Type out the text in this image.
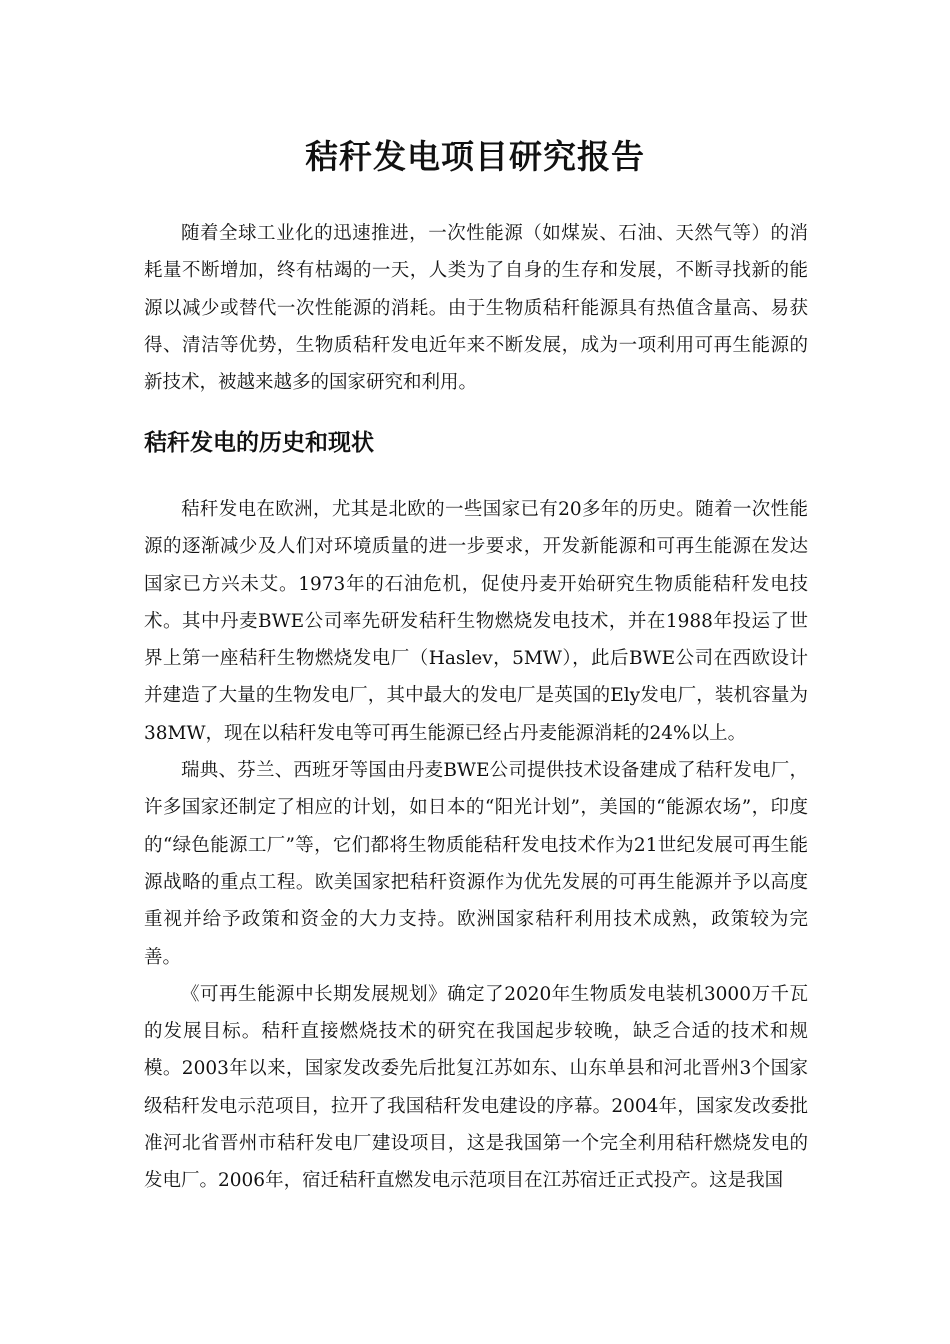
秸秆发电项目研究报告

随着全球工业化的迅速推进，一次性能源（如煤炭、石油、天然气等）的消耗量不断增加，终有枯竭的一天，人类为了自身的生存和发展，不断寻找新的能源以减少或替代一次性能源的消耗。由于生物质秸秆能源具有热值含量高、易获得、清洁等优势，生物质秸秆发电近年来不断发展，成为一项利用可再生能源的新技术，被越来越多的国家研究和利用。

秸秆发电的历史和现状

秸秆发电在欧洲，尤其是北欧的一些国家已有20多年的历史。随着一次性能源的逐渐减少及人们对环境质量的进一步要求，开发新能源和可再生能源在发达国家已方兴未艾。1973年的石油危机，促使丹麦开始研究生物质能秸秆发电技术。其中丹麦BWE公司率先研发秸秆生物燃烧发电技术，并在1988年投运了世界上第一座秸秆生物燃烧发电厂（Haslev，5MW），此后BWE公司在西欧设计并建造了大量的生物发电厂，其中最大的发电厂是英国的Ely发电厂，装机容量为38MW，现在以秸秆发电等可再生能源已经占丹麦能源消耗的24%以上。

瑞典、芬兰、西班牙等国由丹麦BWE公司提供技术设备建成了秸秆发电厂，许多国家还制定了相应的计划，如日本的“阳光计划”，美国的“能源农场”，印度的“绿色能源工厂”等，它们都将生物质能秸秆发电技术作为21世纪发展可再生能源战略的重点工程。欧美国家把秸秆资源作为优先发展的可再生能源并予以高度重视并给予政策和资金的大力支持。欧洲国家秸秆利用技术成熟，政策较为完善。

《可再生能源中长期发展规划》确定了2020年生物质发电装机3000万千瓦的发展目标。秸秆直接燃烧技术的研究在我国起步较晚，缺乏合适的技术和规模。2003年以来，国家发改委先后批复江苏如东、山东单县和河北晋州3个国家级秸秆发电示范项目，拉开了我国秸秆发电建设的序幕。2004年，国家发改委批准河北省晋州市秸秆发电厂建设项目，这是我国第一个完全利用秸秆燃烧发电的发电厂。2006年，宿迁秸秆直燃发电示范项目在江苏宿迁正式投产。这是我国
